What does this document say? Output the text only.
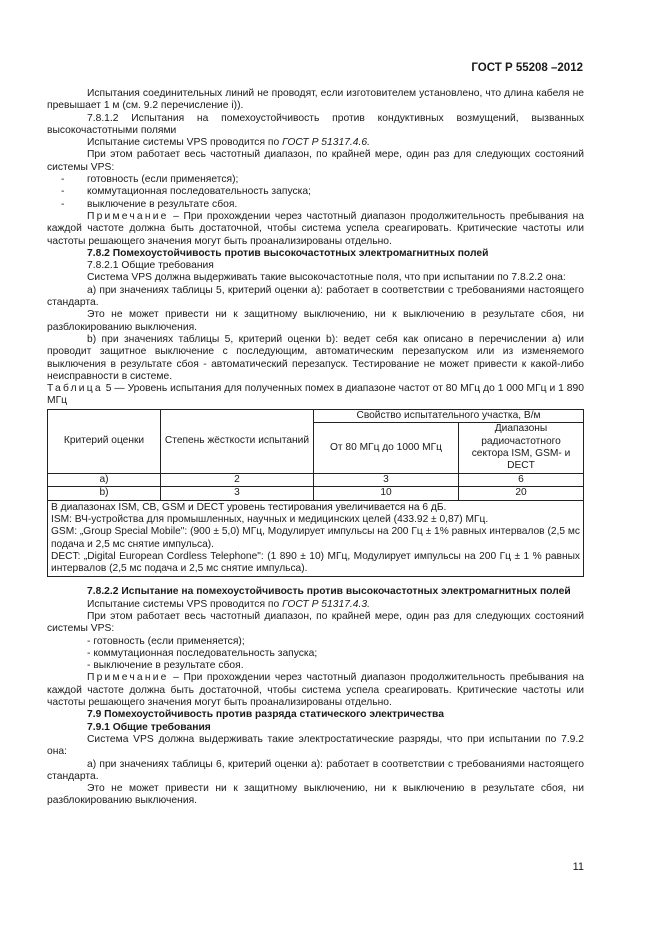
ГОСТ Р 55208 –2012

Испытания соединительных линий не проводят, если изготовителем установлено, что длина кабеля не превышает 1 м (см. 9.2 перечисление i)).

7.8.1.2 Испытания на помехоустойчивость против кондуктивных возмущений, вызванных высокочастотными полями

Испытание системы VPS проводится по ГОСТ Р 51317.4.6.

При этом работает весь частотный диапазон, по крайней мере, один раз для следующих состояний системы VPS:

- готовность (если применяется);
- коммутационная последовательность запуска;
- выключение в результате сбоя.

Примечание – При прохождении через частотный диапазон продолжительность пребывания на каждой частоте должна быть достаточной, чтобы система успела среагировать. Критические частоты или частоты решающего значения могут быть проанализированы отдельно.

7.8.2 Помехоустойчивость против высокочастотных электромагнитных полей

7.8.2.1 Общие требования

Система VPS должна выдерживать такие высокочастотные поля, что при испытании по 7.8.2.2 она:

а) при значениях таблицы 5, критерий оценки а): работает в соответствии с требованиями настоящего стандарта.

Это не может привести ни к защитному выключению, ни к выключению в результате сбоя, ни разблокированию выключения.

b) при значениях таблицы 5, критерий оценки b): ведет себя как описано в перечислении а) или проводит защитное выключение с последующим, автоматическим перезапуском или из изменяемого выключения в результате сбоя - автоматический перезапуск. Тестирование не может привести к какой-либо неисправности в системе.

Таблица 5 — Уровень испытания для полученных помех в диапазоне частот от 80 МГц до 1 000 МГц и 1 890 МГц

Критерий оценки	Степень жёсткости испытаний	Свойство испытательного участка, В/м	
		От 80 МГц до 1000 МГц	Диапазоны радиочастотного сектора ISM, GSM- и DECT
a)	2	3	6
b)	3	10	20

В диапазонах ISM, CB, GSM и DECT уровень тестирования увеличивается на 6 дБ.
ISM: ВЧ-устройства для промышленных, научных и медицинских целей (433.92 ± 0,87) МГц.
GSM: „Group Special Mobile": (900 ± 5,0) МГц, Модулирует импульсы на 200 Гц ± 1% равных интервалов (2,5 мс подача и 2,5 мс снятие импульса).
DECT: „Digital European Cordless Telephone": (1 890 ± 10) МГц, Модулирует импульсы на 200 Гц ± 1 % равных интервалов (2,5 мс подача и 2,5 мс снятие импульса).			

7.8.2.2 Испытание на помехоустойчивость против высокочастотных электромагнитных полей

Испытание системы VPS проводится по ГОСТ Р 51317.4.3.

При этом работает весь частотный диапазон, по крайней мере, один раз для следующих состояний системы VPS:

- готовность (если применяется);
- коммутационная последовательность запуска;
- выключение в результате сбоя.

Примечание – При прохождении через частотный диапазон продолжительность пребывания на каждой частоте должна быть достаточной, чтобы система успела среагировать. Критические частоты или частоты решающего значения могут быть проанализированы отдельно.

7.9 Помехоустойчивость против разряда статического электричества

7.9.1 Общие требования

Система VPS должна выдерживать такие электростатические разряды, что при испытании по 7.9.2 она:

а) при значениях таблицы 6, критерий оценки а): работает в соответствии с требованиями настоящего стандарта.

Это не может привести ни к защитному выключению, ни к выключению в результате сбоя, ни разблокированию выключения.

11
